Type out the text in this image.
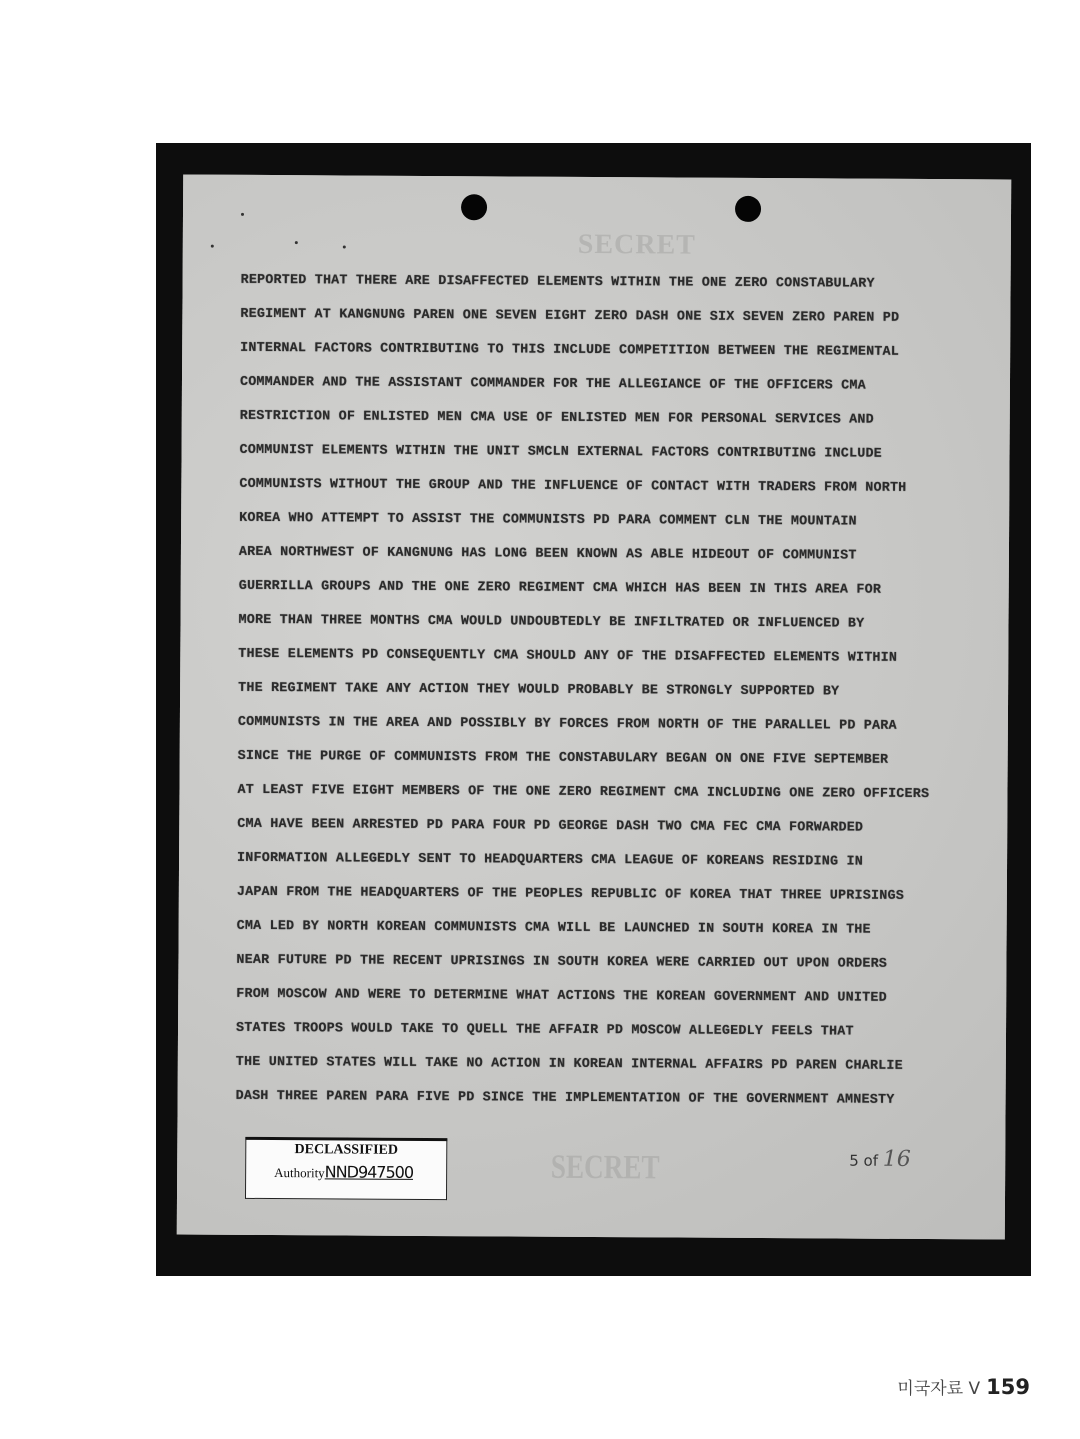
SECRET
REPORTED THAT THERE ARE DISAFFECTED ELEMENTS WITHIN THE ONE ZERO CONSTABULARY
REGIMENT AT KANGNUNG PAREN ONE SEVEN EIGHT ZERO DASH ONE SIX SEVEN ZERO PAREN PD
INTERNAL FACTORS CONTRIBUTING TO THIS INCLUDE COMPETITION BETWEEN THE REGIMENTAL
COMMANDER AND THE ASSISTANT COMMANDER FOR THE ALLEGIANCE OF THE OFFICERS CMA
RESTRICTION OF ENLISTED MEN CMA USE OF ENLISTED MEN FOR PERSONAL SERVICES AND
COMMUNIST ELEMENTS WITHIN THE UNIT SMCLN EXTERNAL FACTORS CONTRIBUTING INCLUDE
COMMUNISTS WITHOUT THE GROUP AND THE INFLUENCE OF CONTACT WITH TRADERS FROM NORTH
KOREA WHO ATTEMPT TO ASSIST THE COMMUNISTS PD PARA COMMENT CLN THE MOUNTAIN
AREA NORTHWEST OF KANGNUNG HAS LONG BEEN KNOWN AS ABLE HIDEOUT OF COMMUNIST
GUERRILLA GROUPS AND THE ONE ZERO REGIMENT CMA WHICH HAS BEEN IN THIS AREA FOR
MORE THAN THREE MONTHS CMA WOULD UNDOUBTEDLY BE INFILTRATED OR INFLUENCED BY
THESE ELEMENTS PD CONSEQUENTLY CMA SHOULD ANY OF THE DISAFFECTED ELEMENTS WITHIN
THE REGIMENT TAKE ANY ACTION THEY WOULD PROBABLY BE STRONGLY SUPPORTED BY
COMMUNISTS IN THE AREA AND POSSIBLY BY FORCES FROM NORTH OF THE PARALLEL PD PARA
SINCE THE PURGE OF COMMUNISTS FROM THE CONSTABULARY BEGAN ON ONE FIVE SEPTEMBER
AT LEAST FIVE EIGHT MEMBERS OF THE ONE ZERO REGIMENT CMA INCLUDING ONE ZERO OFFICERS
CMA HAVE BEEN ARRESTED PD PARA FOUR PD GEORGE DASH TWO CMA FEC CMA FORWARDED
INFORMATION ALLEGEDLY SENT TO HEADQUARTERS CMA LEAGUE OF KOREANS RESIDING IN
JAPAN FROM THE HEADQUARTERS OF THE PEOPLES REPUBLIC OF KOREA THAT THREE UPRISINGS
CMA LED BY NORTH KOREAN COMMUNISTS CMA WILL BE LAUNCHED IN SOUTH KOREA IN THE
NEAR FUTURE PD THE RECENT UPRISINGS IN SOUTH KOREA WERE CARRIED OUT UPON ORDERS
FROM MOSCOW AND WERE TO DETERMINE WHAT ACTIONS THE KOREAN GOVERNMENT AND UNITED
STATES TROOPS WOULD TAKE TO QUELL THE AFFAIR PD MOSCOW ALLEGEDLY FEELS THAT
THE UNITED STATES WILL TAKE NO ACTION IN KOREAN INTERNAL AFFAIRS PD PAREN CHARLIE
DASH THREE PAREN PARA FIVE PD SINCE THE IMPLEMENTATION OF THE GOVERNMENT AMNESTY
DECLASSIFIED
AuthorityNND947500	SECRET	5 of 16
미국자료 Ⅴ 159
